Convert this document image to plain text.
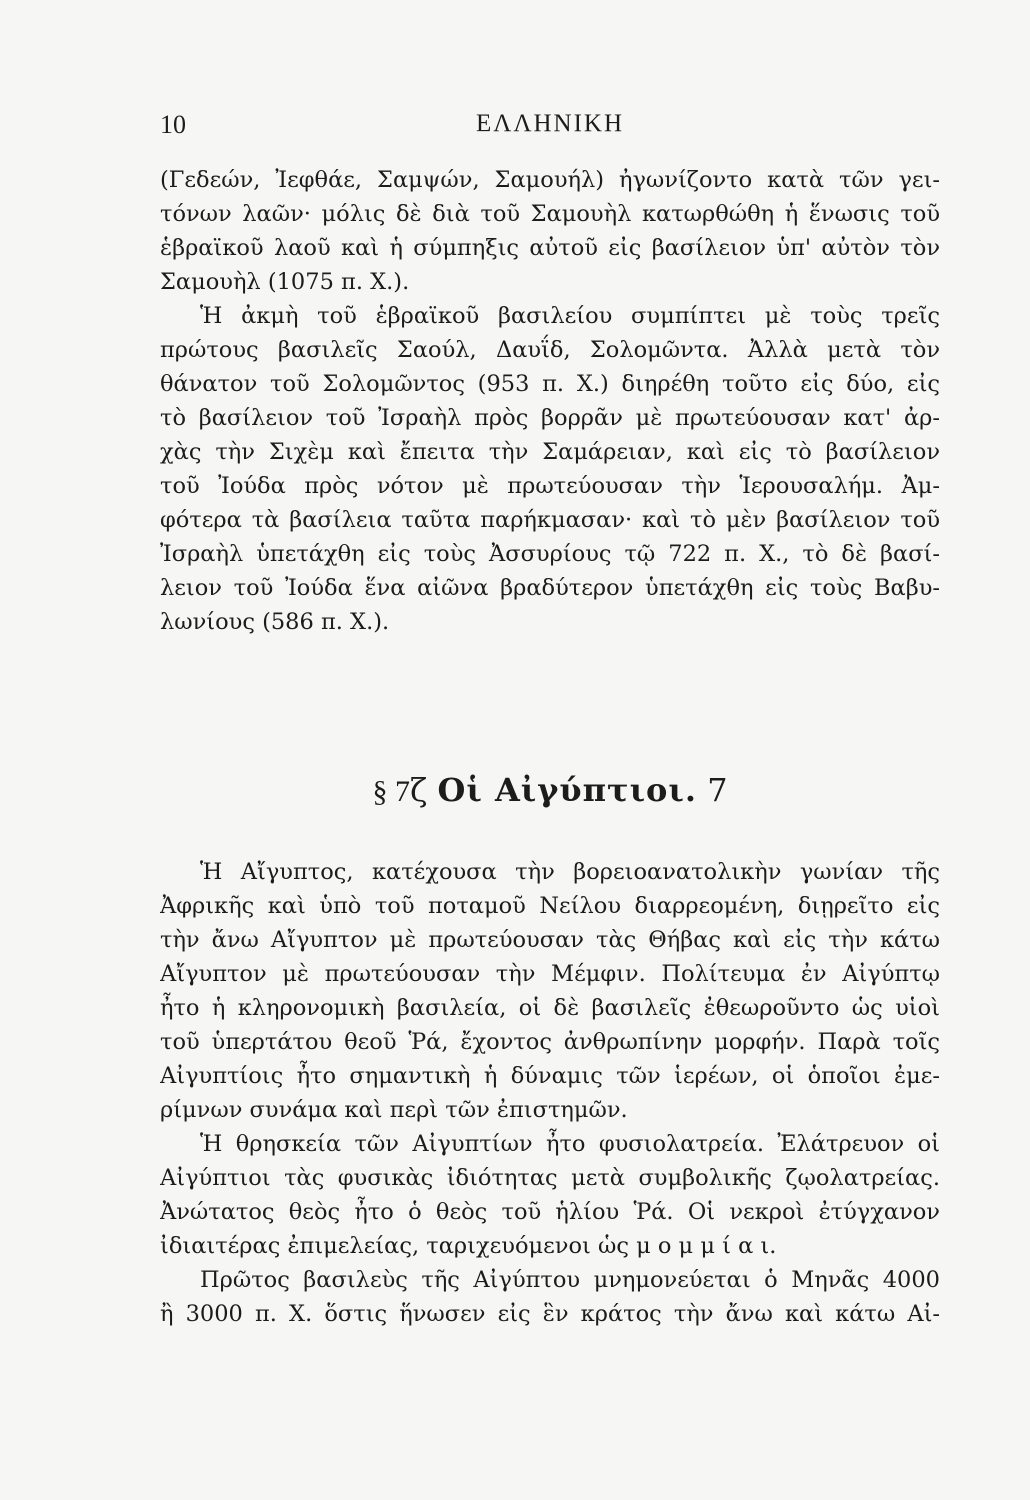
10	ΕΛΛΗΝΙΚΗ
(Γεδεών, Ἰεφθάε, Σαμψών, Σαμουήλ) ἠγωνίζοντο κατὰ τῶν γει-
τόνων λαῶν· μόλις δὲ διὰ τοῦ Σαμουὴλ κατωρθώθη ἡ ἕνωσις τοῦ
ἑβραϊκοῦ λαοῦ καὶ ἡ σύμπηξις αὐτοῦ εἰς βασίλειον ὑπ' αὐτὸν τὸν
Σαμουὴλ (1075 π. Χ.).
Ἡ ἀκμὴ τοῦ ἑβραϊκοῦ βασιλείου συμπίπτει μὲ τοὺς τρεῖς
πρώτους βασιλεῖς Σαούλ, Δαυΐδ, Σολομῶντα. Ἀλλὰ μετὰ τὸν
θάνατον τοῦ Σολομῶντος (953 π. Χ.) διηρέθη τοῦτο εἰς δύο, εἰς
τὸ βασίλειον τοῦ Ἰσραὴλ πρὸς βορρᾶν μὲ πρωτεύουσαν κατ' ἀρ-
χὰς τὴν Σιχὲμ καὶ ἔπειτα τὴν Σαμάρειαν, καὶ εἰς τὸ βασίλειον
τοῦ Ἰούδα πρὸς νότον μὲ πρωτεύουσαν τὴν Ἱερουσαλήμ. Ἀμ-
φότερα τὰ βασίλεια ταῦτα παρήκμασαν· καὶ τὸ μὲν βασίλειον τοῦ
Ἰσραὴλ ὑπετάχθη εἰς τοὺς Ἀσσυρίους τῷ 722 π. Χ., τὸ δὲ βασί-
λειον τοῦ Ἰούδα ἕνα αἰῶνα βραδύτερον ὑπετάχθη εἰς τοὺς Βαβυ-
λωνίους (586 π. Χ.).
§ 7ζ Οἱ Αἰγύπτιοι. 7
Ἡ Αἴγυπτος, κατέχουσα τὴν βορειοανατολικὴν γωνίαν τῆς
Ἀφρικῆς καὶ ὑπὸ τοῦ ποταμοῦ Νείλου διαρρεομένη, διῃρεῖτο εἰς
τὴν ἄνω Αἴγυπτον μὲ πρωτεύουσαν τὰς Θήβας καὶ εἰς τὴν κάτω
Αἴγυπτον μὲ πρωτεύουσαν τὴν Μέμφιν. Πολίτευμα ἐν Αἰγύπτῳ
ἦτο ἡ κληρονομικὴ βασιλεία, οἱ δὲ βασιλεῖς ἐθεωροῦντο ὡς υἱοὶ
τοῦ ὑπερτάτου θεοῦ Ῥά, ἔχοντος ἀνθρωπίνην μορφήν. Παρὰ τοῖς
Αἰγυπτίοις ἦτο σημαντικὴ ἡ δύναμις τῶν ἱερέων, οἱ ὁποῖοι ἐμε-
ρίμνων συνάμα καὶ περὶ τῶν ἐπιστημῶν.
Ἡ θρησκεία τῶν Αἰγυπτίων ἦτο φυσιολατρεία. Ἐλάτρευον οἱ
Αἰγύπτιοι τὰς φυσικὰς ἰδιότητας μετὰ συμβολικῆς ζῳολατρείας.
Ἀνώτατος θεὸς ἦτο ὁ θεὸς τοῦ ἡλίου Ῥά. Οἱ νεκροὶ ἐτύγχανον
ἰδιαιτέρας ἐπιμελείας, ταριχευόμενοι ὡς μ ο μ μ ί α ι.
Πρῶτος βασιλεὺς τῆς Αἰγύπτου μνημονεύεται ὁ Μηνᾶς 4000
ἢ 3000 π. Χ. ὅστις ἥνωσεν εἰς ἓν κράτος τὴν ἄνω καὶ κάτω Αἰ-
